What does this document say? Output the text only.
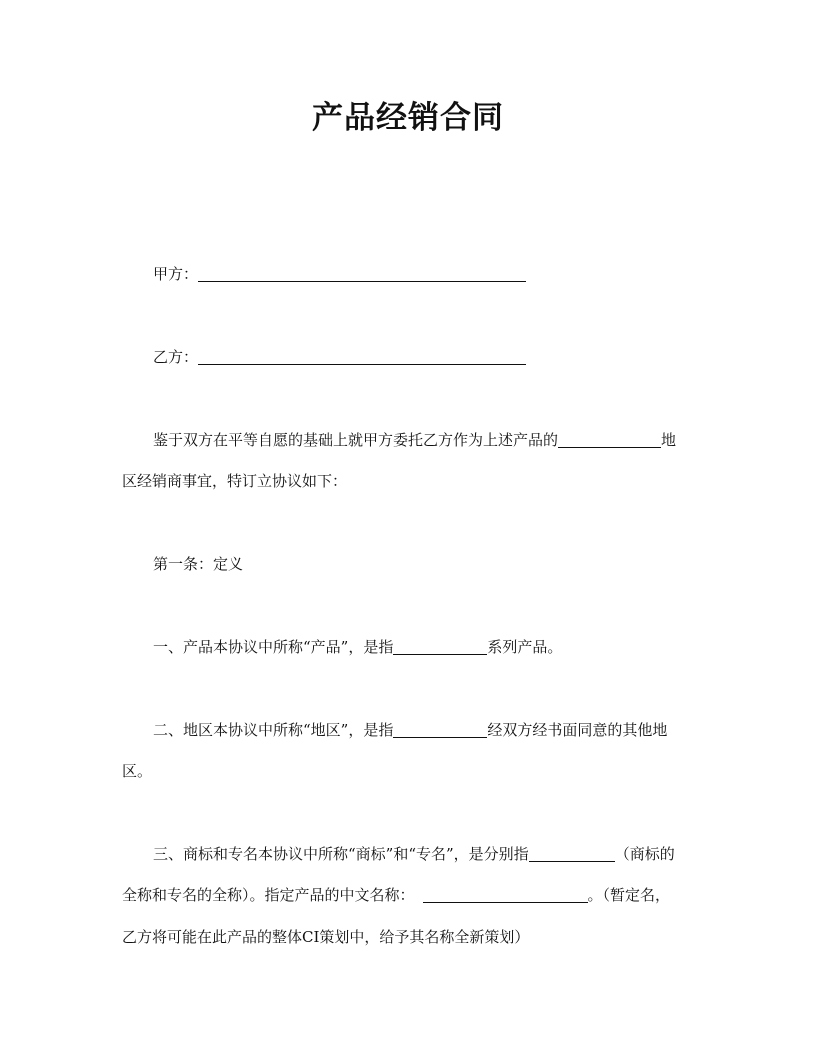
产品经销合同
甲方：
乙方：
鉴于双方在平等自愿的基础上就甲方委托乙方作为上述产品的	地
区经销商事宜，特订立协议如下：
第一条：定义
一、产品本协议中所称“产品”，是指	系列产品。
二、地区本协议中所称“地区”，是指	经双方经书面同意的其他地
区。
三、商标和专名本协议中所称“商标”和“专名”，是分别指	（商标的
全称和专名的全称）。指定产品的中文名称：	。（暂定名，
乙方将可能在此产品的整体CI策划中，给予其名称全新策划）
